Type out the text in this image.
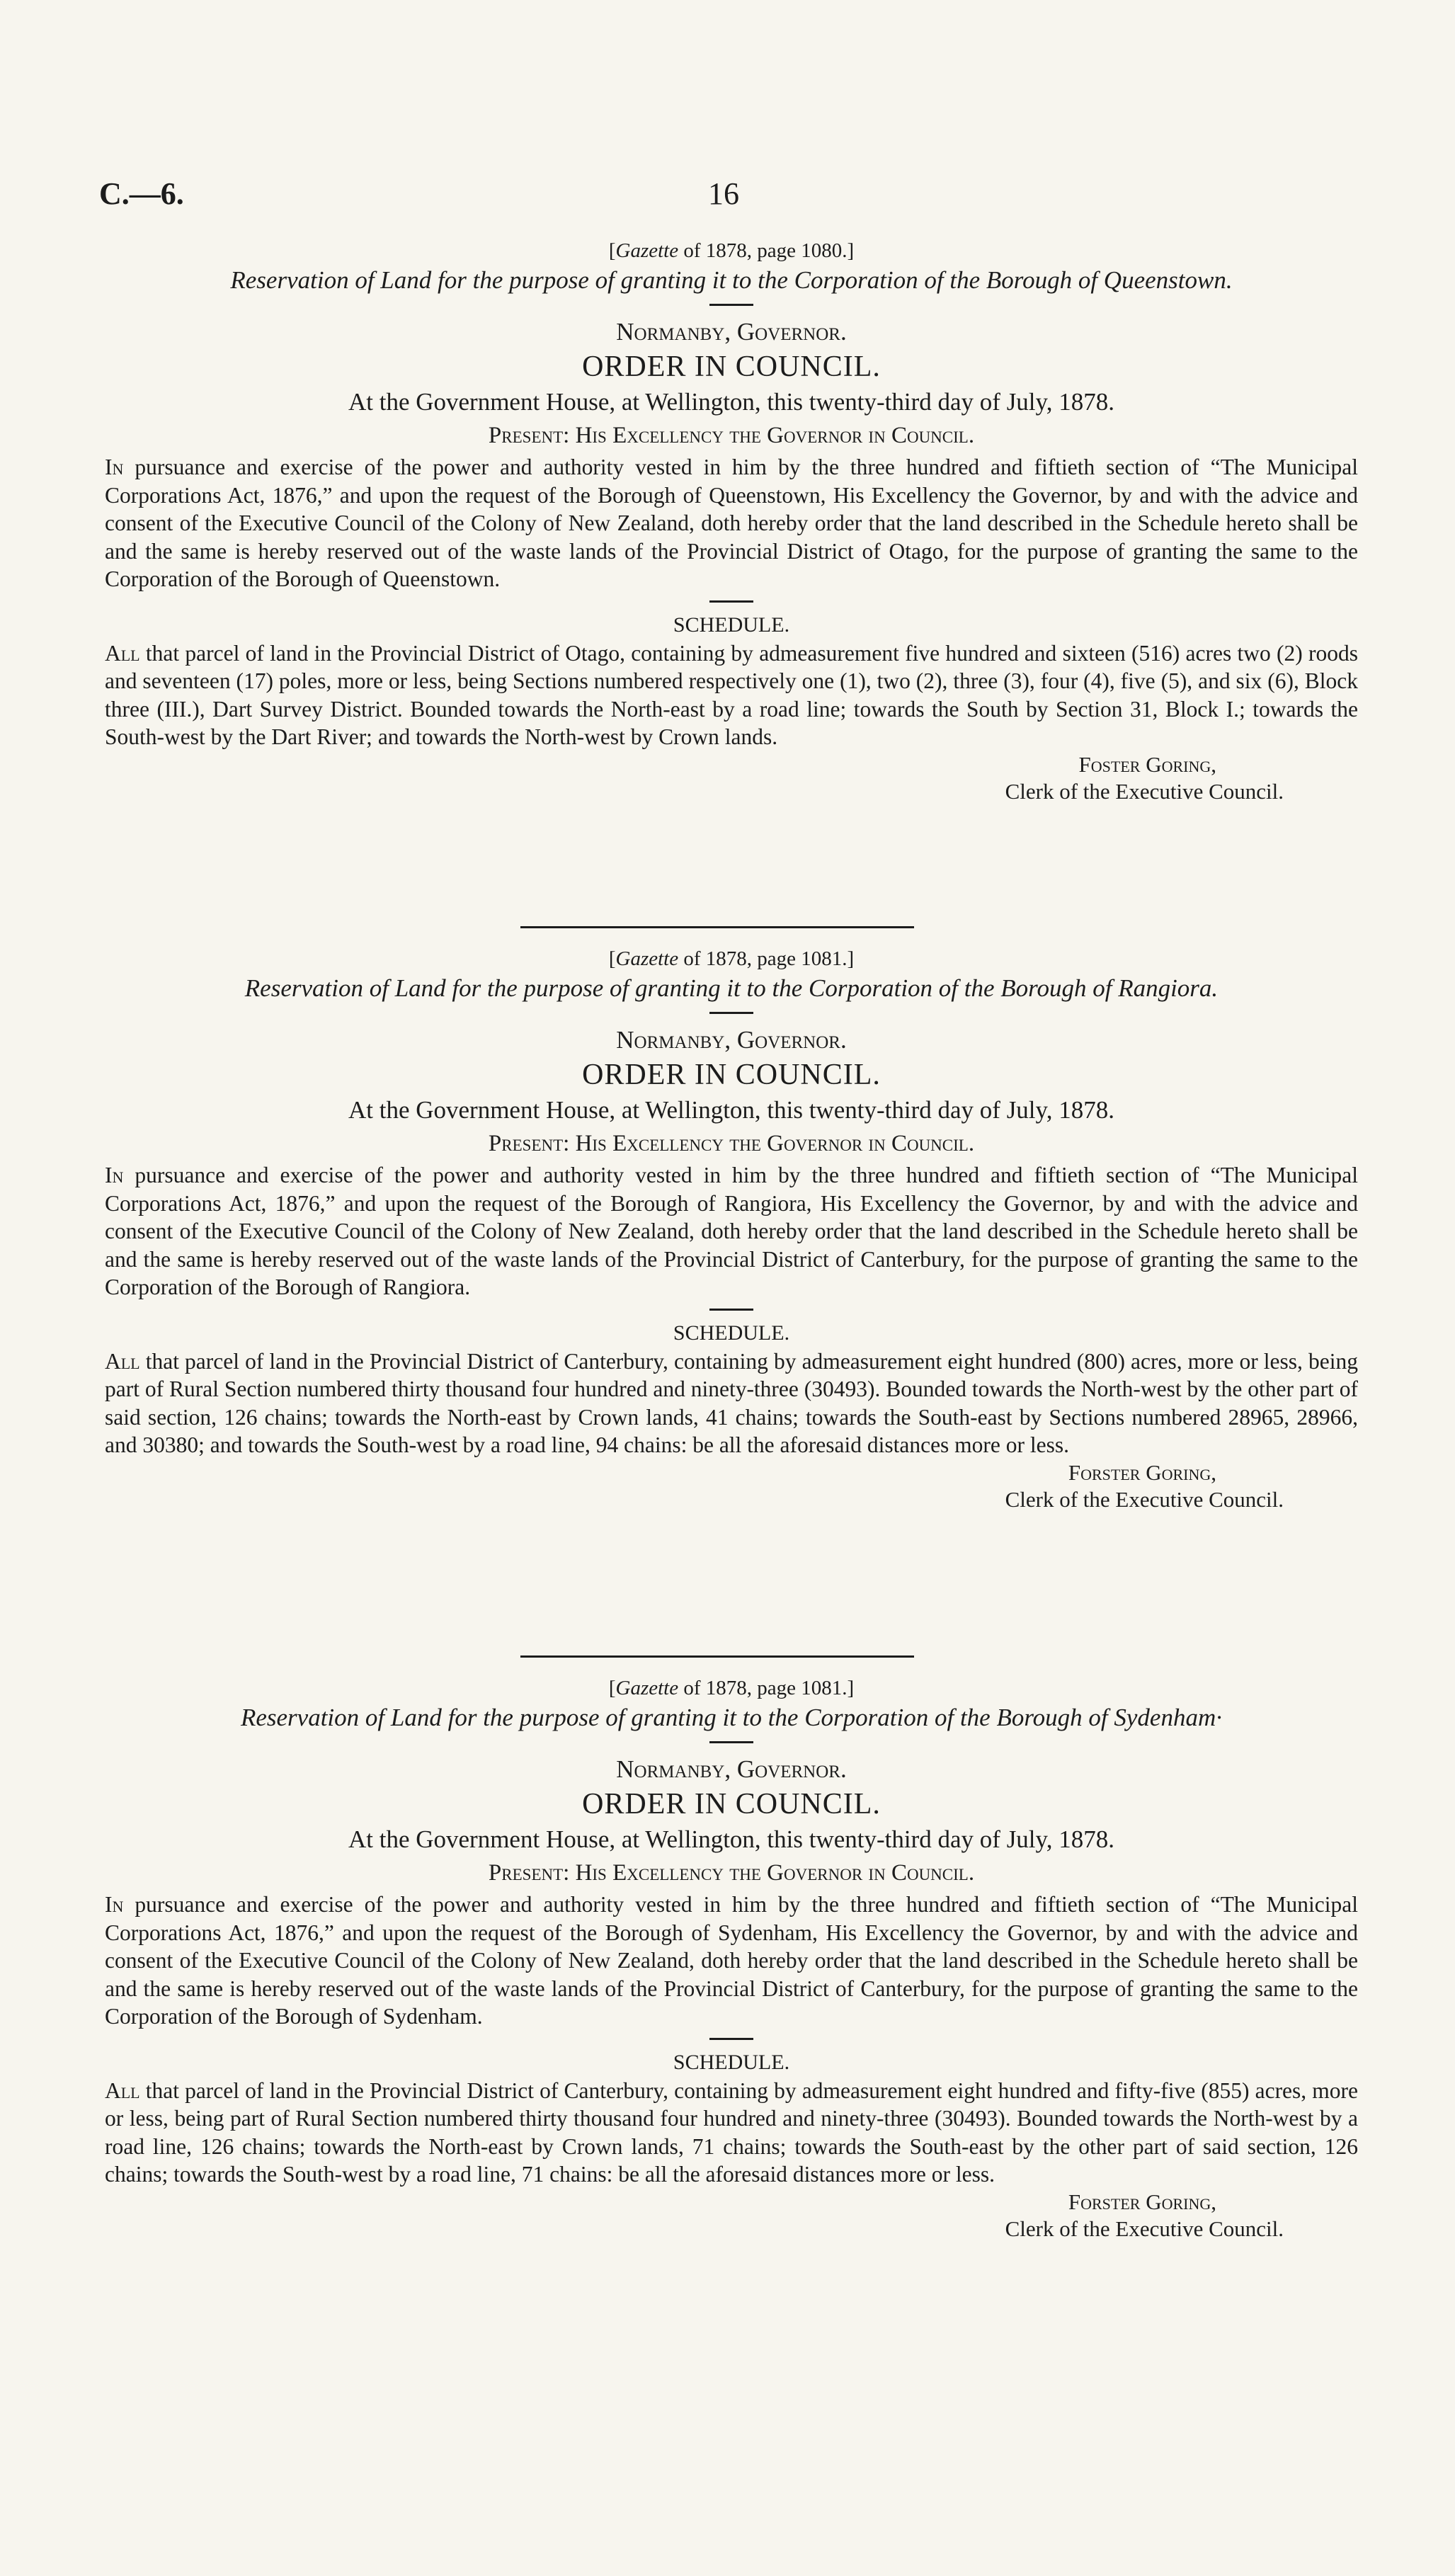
C.—6.	16
[Gazette of 1878, page 1080.]
Reservation of Land for the purpose of granting it to the Corporation of the Borough of Queenstown.
Normanby, Governor.
ORDER IN COUNCIL.
At the Government House, at Wellington, this twenty-third day of July, 1878.
Present: His Excellency the Governor in Council.

In pursuance and exercise of the power and authority vested in him by the three hundred and fiftieth section of “The Municipal Corporations Act, 1876,” and upon the request of the Borough of Queenstown, His Excellency the Governor, by and with the advice and consent of the Executive Council of the Colony of New Zealand, doth hereby order that the land described in the Schedule hereto shall be and the same is hereby reserved out of the waste lands of the Provincial District of Otago, for the purpose of granting the same to the Corporation of the Borough of Queenstown.

SCHEDULE.

All that parcel of land in the Provincial District of Otago, containing by admeasurement five hundred and sixteen (516) acres two (2) roods and seventeen (17) poles, more or less, being Sections numbered respectively one (1), two (2), three (3), four (4), five (5), and six (6), Block three (III.), Dart Survey District. Bounded towards the North-east by a road line; towards the South by Section 31, Block I.; towards the South-west by the Dart River; and towards the North-west by Crown lands.

Foster Goring,
Clerk of the Executive Council.
[Gazette of 1878, page 1081.]
Reservation of Land for the purpose of granting it to the Corporation of the Borough of Rangiora.
Normanby, Governor.
ORDER IN COUNCIL.
At the Government House, at Wellington, this twenty-third day of July, 1878.
Present: His Excellency the Governor in Council.

In pursuance and exercise of the power and authority vested in him by the three hundred and fiftieth section of “The Municipal Corporations Act, 1876,” and upon the request of the Borough of Rangiora, His Excellency the Governor, by and with the advice and consent of the Executive Council of the Colony of New Zealand, doth hereby order that the land described in the Schedule hereto shall be and the same is hereby reserved out of the waste lands of the Provincial District of Canterbury, for the purpose of granting the same to the Corporation of the Borough of Rangiora.

SCHEDULE.

All that parcel of land in the Provincial District of Canterbury, containing by admeasurement eight hundred (800) acres, more or less, being part of Rural Section numbered thirty thousand four hundred and ninety-three (30493). Bounded towards the North-west by the other part of said section, 126 chains; towards the North-east by Crown lands, 41 chains; towards the South-east by Sections numbered 28965, 28966, and 30380; and towards the South-west by a road line, 94 chains: be all the aforesaid distances more or less.

Forster Goring,
Clerk of the Executive Council.
[Gazette of 1878, page 1081.]
Reservation of Land for the purpose of granting it to the Corporation of the Borough of Sydenham·
Normanby, Governor.
ORDER IN COUNCIL.
At the Government House, at Wellington, this twenty-third day of July, 1878.
Present: His Excellency the Governor in Council.

In pursuance and exercise of the power and authority vested in him by the three hundred and fiftieth section of “The Municipal Corporations Act, 1876,” and upon the request of the Borough of Sydenham, His Excellency the Governor, by and with the advice and consent of the Executive Council of the Colony of New Zealand, doth hereby order that the land described in the Schedule hereto shall be and the same is hereby reserved out of the waste lands of the Provincial District of Canterbury, for the purpose of granting the same to the Corporation of the Borough of Sydenham.

SCHEDULE.

All that parcel of land in the Provincial District of Canterbury, containing by admeasurement eight hundred and fifty-five (855) acres, more or less, being part of Rural Section numbered thirty thousand four hundred and ninety-three (30493). Bounded towards the North-west by a road line, 126 chains; towards the North-east by Crown lands, 71 chains; towards the South-east by the other part of said section, 126 chains; towards the South-west by a road line, 71 chains: be all the aforesaid distances more or less.

Forster Goring,
Clerk of the Executive Council.
